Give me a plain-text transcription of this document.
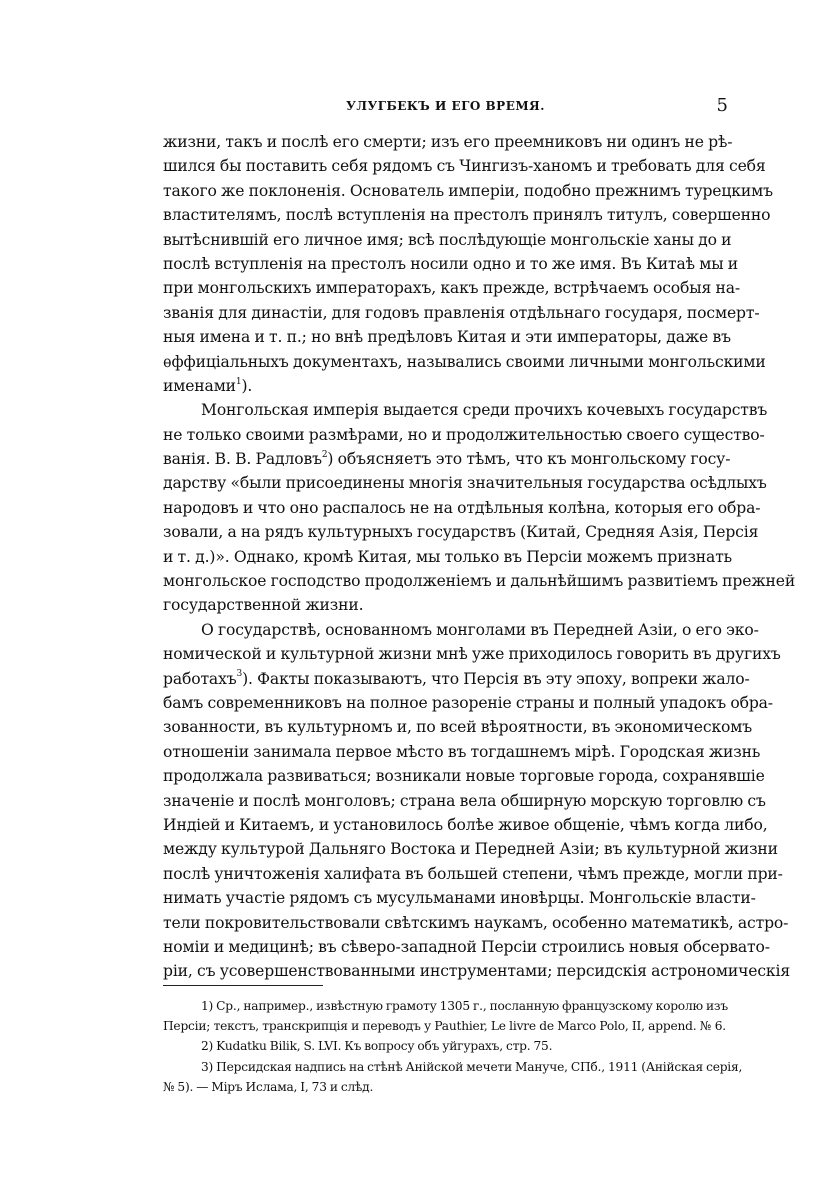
УЛУГБЕКЪ И ЕГО ВРЕМЯ.	5
жизни, такъ и послѣ его смерти; изъ его преемниковъ ни одинъ не рѣ-
шился бы поставить себя рядомъ съ Чингизъ-ханомъ и требовать для себя
такого же поклоненія. Основатель имперіи, подобно прежнимъ турецкимъ
властителямъ, послѣ вступленія на престолъ принялъ титулъ, совершенно
вытѣснившій его личное имя; всѣ послѣдующіе монгольскіе ханы до и
послѣ вступленія на престолъ носили одно и то же имя. Въ Китаѣ мы и
при монгольскихъ императорахъ, какъ прежде, встрѣчаемъ особыя на-
званія для династіи, для годовъ правленія отдѣльнаго государя, посмерт-
ныя имена и т. п.; но внѣ предѣловъ Китая и эти императоры, даже въ
ѳффиціальныхъ документахъ, назывались своими личными монгольскими
именами$^1$).
Монгольская имперія выдается среди прочихъ кочевыхъ государствъ
не только своими размѣрами, но и продолжительностью своего существо-
ванія. В. В. Радловъ$^2$) объясняетъ это тѣмъ, что къ монгольскому госу-
дарству «были присоединены многія значительныя государства осѣдлыхъ
народовъ и что оно распалось не на отдѣльныя колѣна, которыя его обра-
зовали, а на рядъ культурныхъ государствъ (Китай, Средняя Азія, Персія
и т. д.)». Однако, кромѣ Китая, мы только въ Персіи можемъ признать
монгольское господство продолженіемъ и дальнѣйшимъ развитіемъ прежней
государственной жизни.
О государствѣ, основанномъ монголами въ Передней Азіи, о его эко-
номической и культурной жизни мнѣ уже приходилось говорить въ другихъ
работахъ$^3$). Факты показываютъ, что Персія въ эту эпоху, вопреки жало-
бамъ современниковъ на полное разореніе страны и полный упадокъ обра-
зованности, въ культурномъ и, по всей вѣроятности, въ экономическомъ
отношеніи занимала первое мѣсто въ тогдашнемъ мірѣ. Городская жизнь
продолжала развиваться; возникали новые торговые города, сохранявшіе
значеніе и послѣ монголовъ; страна вела обширную морскую торговлю съ
Индіей и Китаемъ, и установилось болѣе живое общеніе, чѣмъ когда либо,
между культурой Дальняго Востока и Передней Азіи; въ культурной жизни
послѣ уничтоженія халифата въ большей степени, чѣмъ прежде, могли при-
нимать участіе рядомъ съ мусульманами иновѣрцы. Монгольскіе власти-
тели покровительствовали свѣтскимъ наукамъ, особенно математикѣ, астро-
номіи и медицинѣ; въ сѣверо-западной Персіи строились новыя обсервато-
ріи, съ усовершенствованными инструментами; персидскія астрономическія
1) Ср., например., извѣстную грамоту 1305 г., посланную французскому королю изъ
Персіи; текстъ, транскрипція и переводъ у Pauthier, Le livre de Marco Polo, II, append. № 6.
2) Kudatku Bilik, S. LVI. Къ вопросу объ уйгурахъ, стр. 75.
3) Персидская надпись на стѣнѣ Анійской мечети Мануче, СПб., 1911 (Анійская серія,
№ 5). — Міръ Ислама, I, 73 и слѣд.
